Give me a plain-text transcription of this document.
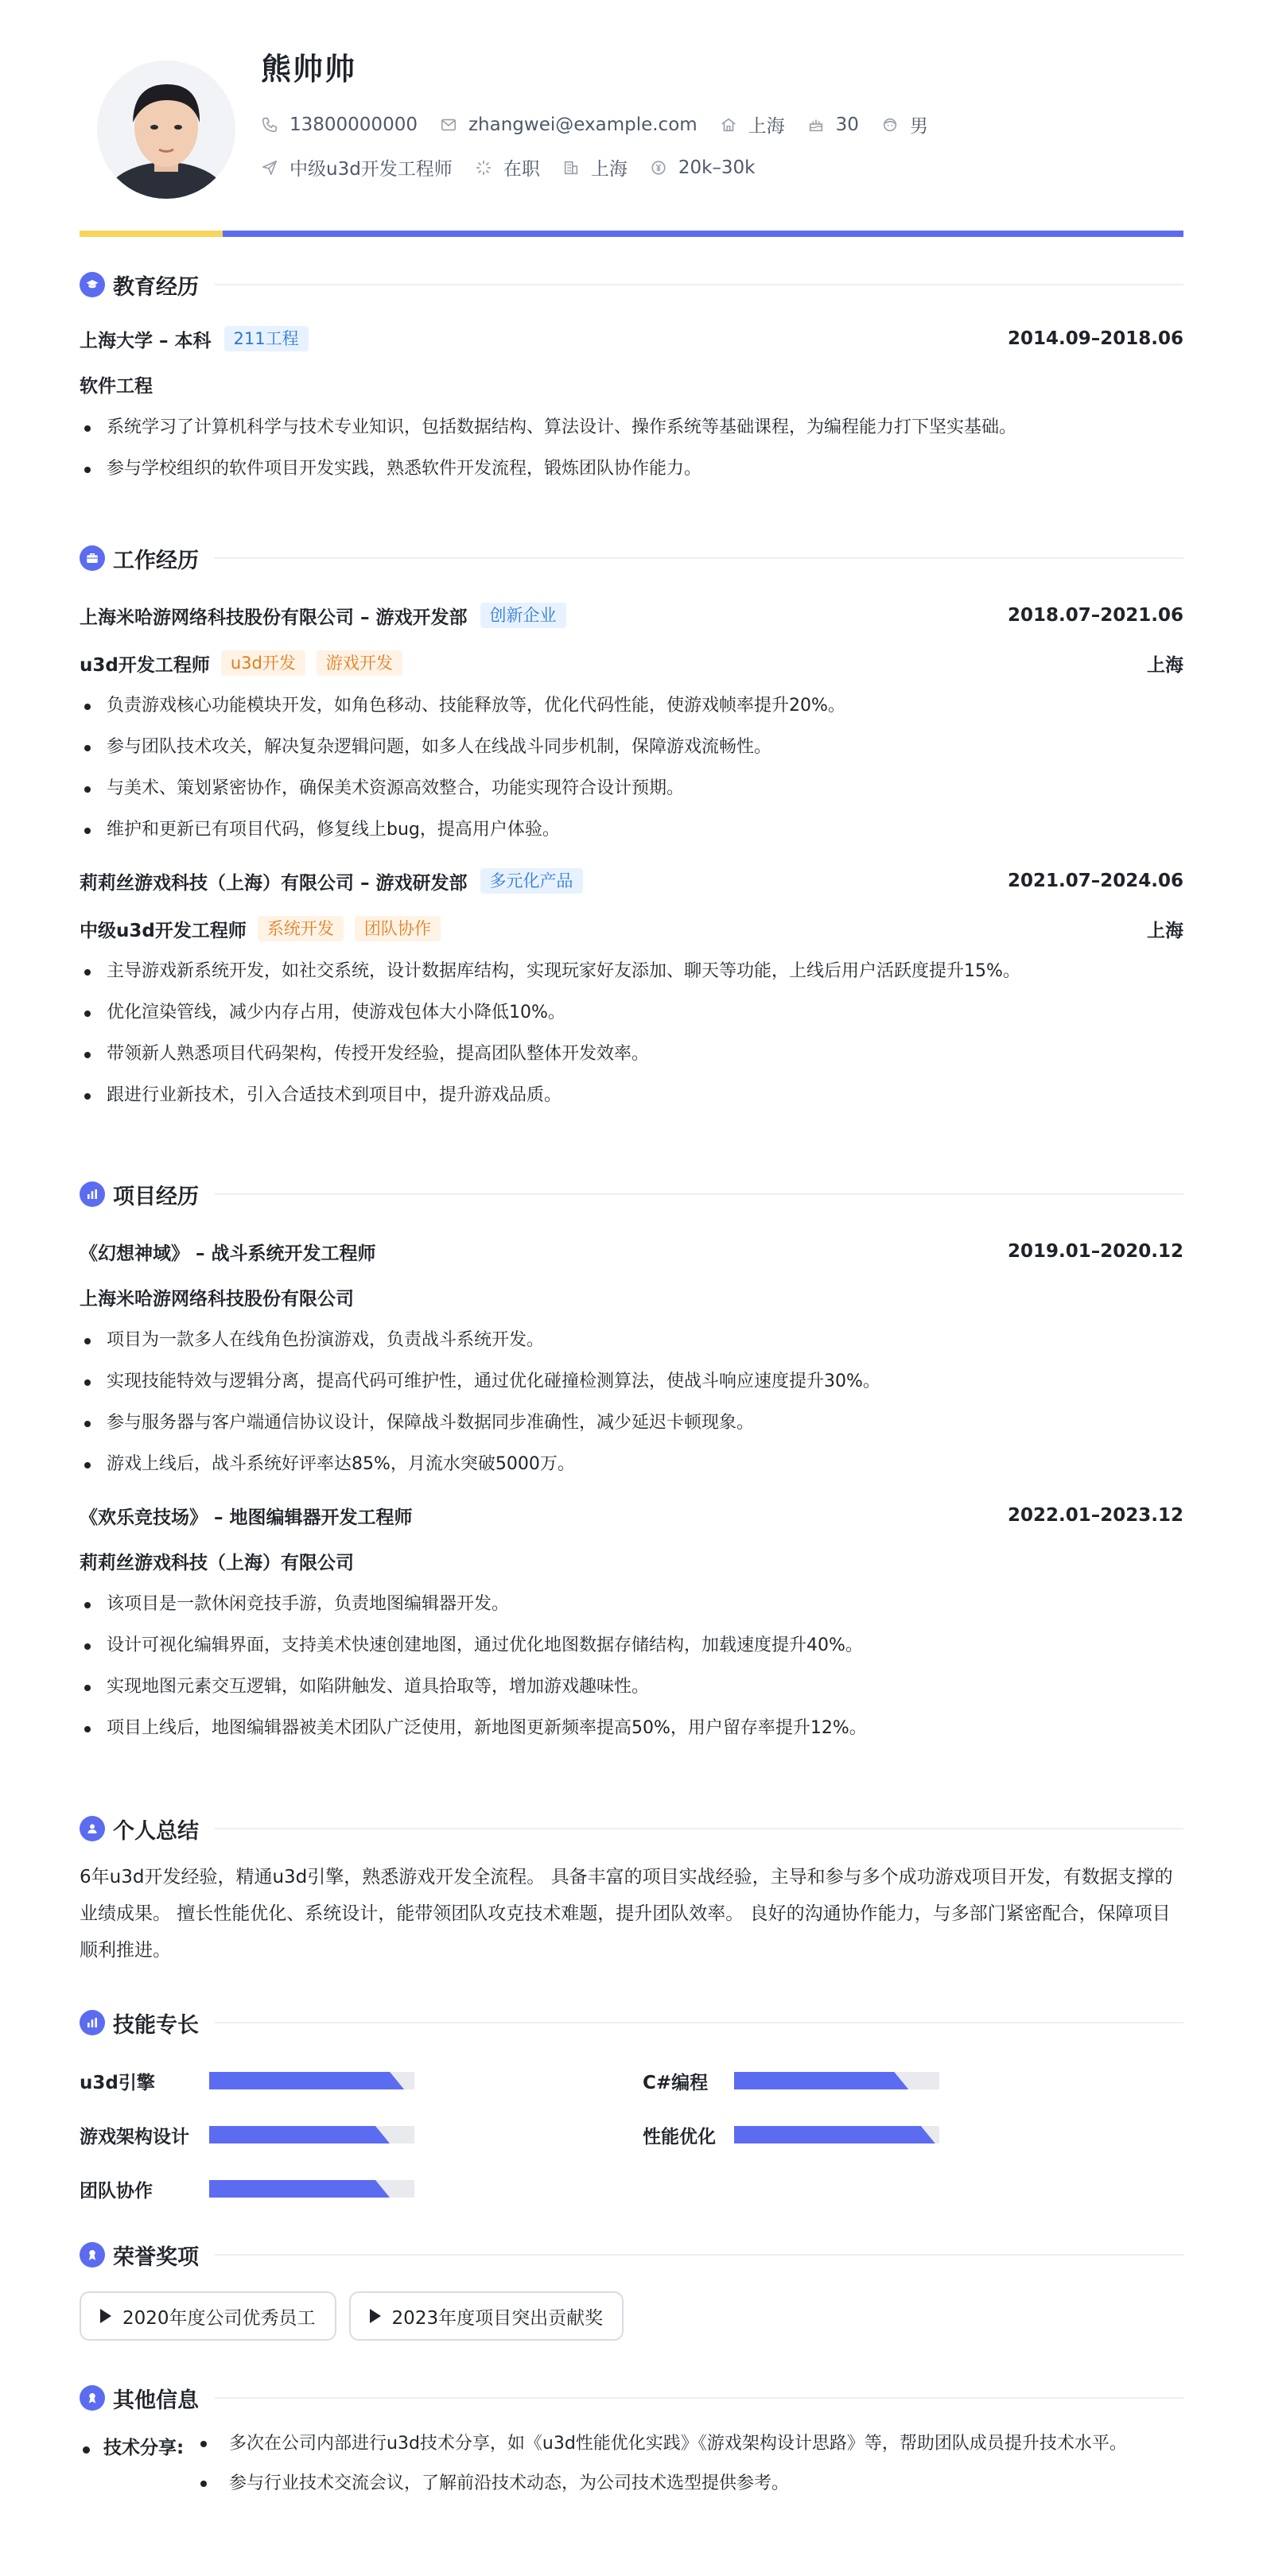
熊帅帅
13800000000	zhangwei@example.com	上海	30	男
中级u3d开发工程师	在职	上海	20k–30k
教育经历
上海大学 – 本科	211工程	2014.09–2018.06
软件工程
系统学习了计算机科学与技术专业知识，包括数据结构、算法设计、操作系统等基础课程，为编程能力打下坚实基础。
参与学校组织的软件项目开发实践，熟悉软件开发流程，锻炼团队协作能力。
工作经历
上海米哈游网络科技股份有限公司 – 游戏开发部	创新企业	2018.07–2021.06
u3d开发工程师	u3d开发	游戏开发	上海
负责游戏核心功能模块开发，如角色移动、技能释放等，优化代码性能，使游戏帧率提升20%。
参与团队技术攻关，解决复杂逻辑问题，如多人在线战斗同步机制，保障游戏流畅性。
与美术、策划紧密协作，确保美术资源高效整合，功能实现符合设计预期。
维护和更新已有项目代码，修复线上bug，提高用户体验。
莉莉丝游戏科技（上海）有限公司 – 游戏研发部	多元化产品	2021.07–2024.06
中级u3d开发工程师	系统开发	团队协作	上海
主导游戏新系统开发，如社交系统，设计数据库结构，实现玩家好友添加、聊天等功能，上线后用户活跃度提升15%。
优化渲染管线，减少内存占用，使游戏包体大小降低10%。
带领新人熟悉项目代码架构，传授开发经验，提高团队整体开发效率。
跟进行业新技术，引入合适技术到项目中，提升游戏品质。
项目经历
《幻想神域》 – 战斗系统开发工程师	2019.01–2020.12
上海米哈游网络科技股份有限公司
项目为一款多人在线角色扮演游戏，负责战斗系统开发。
实现技能特效与逻辑分离，提高代码可维护性，通过优化碰撞检测算法，使战斗响应速度提升30%。
参与服务器与客户端通信协议设计，保障战斗数据同步准确性，减少延迟卡顿现象。
游戏上线后，战斗系统好评率达85%，月流水突破5000万。
《欢乐竞技场》 – 地图编辑器开发工程师	2022.01–2023.12
莉莉丝游戏科技（上海）有限公司
该项目是一款休闲竞技手游，负责地图编辑器开发。
设计可视化编辑界面，支持美术快速创建地图，通过优化地图数据存储结构，加载速度提升40%。
实现地图元素交互逻辑，如陷阱触发、道具拾取等，增加游戏趣味性。
项目上线后，地图编辑器被美术团队广泛使用，新地图更新频率提高50%，用户留存率提升12%。
个人总结
6年u3d开发经验，精通u3d引擎，熟悉游戏开发全流程。 具备丰富的项目实战经验，主导和参与多个成功游戏项目开发，有数据支撑的业绩成果。 擅长性能优化、系统设计，能带领团队攻克技术难题，提升团队效率。 良好的沟通协作能力，与多部门紧密配合，保障项目顺利推进。
技能专长
u3d引擎	C#编程
游戏架构设计	性能优化
团队协作
荣誉奖项
2020年度公司优秀员工	2023年度项目突出贡献奖
其他信息
技术分享:	多次在公司内部进行u3d技术分享，如《u3d性能优化实践》《游戏架构设计思路》等，帮助团队成员提升技术水平。
参与行业技术交流会议，了解前沿技术动态，为公司技术选型提供参考。
